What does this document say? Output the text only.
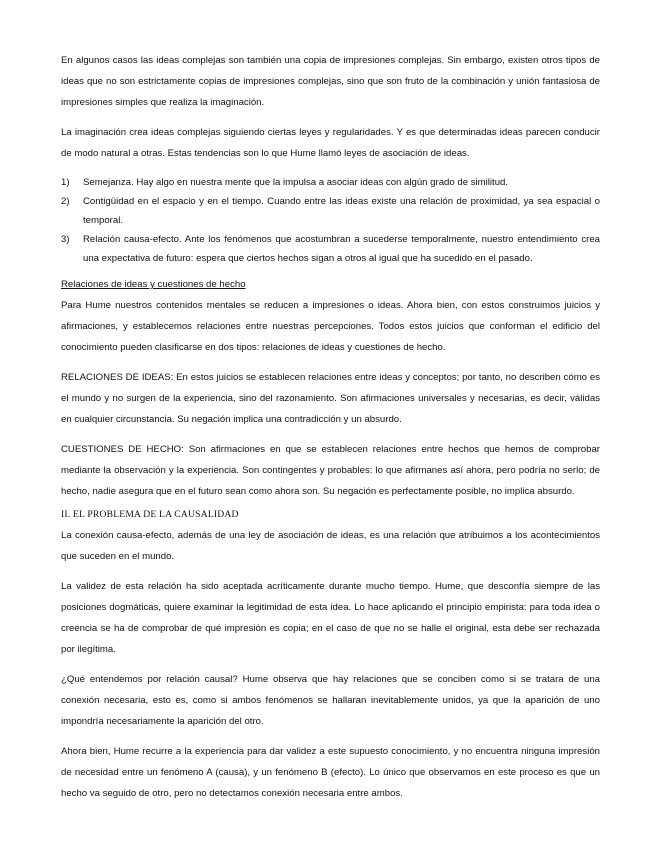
En algunos casos las ideas complejas son también una copia de impresiones complejas. Sin embargo, existen otros tipos de ideas que no son estrictamente copias de impresiones complejas, sino que son fruto de la combinación y unión fantasiosa de impresiones simples que realiza la imaginación.

La imaginación crea ideas complejas siguiendo ciertas leyes y regularidades. Y es que determinadas ideas parecen conducir de modo natural a otras. Estas tendencias son lo que Hume llamó leyes de asociación de ideas.

1) Semejanza. Hay algo en nuestra mente que la impulsa a asociar ideas con algún grado de similitud.
2) Contigüidad en el espacio y en el tiempo. Cuando entre las ideas existe una relación de proximidad, ya sea espacial o temporal.
3) Relación causa-efecto. Ante los fenómenos que acostumbran a sucederse temporalmente, nuestro entendimiento crea una expectativa de futuro: espera que ciertos hechos sigan a otros al igual que ha sucedido en el pasado.

Relaciones de ideas y cuestiones de hecho

Para Hume nuestros contenidos mentales se reducen a impresiones o ideas. Ahora bien, con estos construimos juicios y afirmaciones, y establecemos relaciones entre nuestras percepciones. Todos estos juicios que conforman el edificio del conocimiento pueden clasificarse en dos tipos: relaciones de ideas y cuestiones de hecho.

RELACIONES DE IDEAS: En estos juicios se establecen relaciones entre ideas y conceptos; por tanto, no describen cómo es el mundo y no surgen de la experiencia, sino del razonamiento. Son afirmaciones universales y necesarias, es decir, válidas en cualquier circunstancia. Su negación implica una contradicción y un absurdo.

CUESTIONES DE HECHO: Son afirmaciones en que se establecen relaciones entre hechos que hemos de comprobar mediante la observación y la experiencia. Son contingentes y probables: lo que afirmanes así ahora, pero podría no serlo; de hecho, nadie asegura que en el futuro sean como ahora son. Su negación es perfectamente posible, no implica absurdo.

II. EL PROBLEMA DE LA CAUSALIDAD

La conexión causa-efecto, además de una ley de asociación de ideas, es una relación que atribuimos a los acontecimientos que suceden en el mundo.

La validez de esta relación ha sido aceptada acríticamente durante mucho tiempo. Hume, que desconfía siempre de las posiciones dogmáticas, quiere examinar la legitimidad de esta idea. Lo hace aplicando el principio empirista: para toda idea o creencia se ha de comprobar de qué impresión es copia; en el caso de que no se halle el original, esta debe ser rechazada por ilegítima.

¿Qué entendemos por relación causal? Hume observa que hay relaciones que se conciben como si se tratara de una conexión necesaria, esto es, como si ambos fenómenos se hallaran inevitablemente unidos, ya que la aparición de uno impondría necesariamente la aparición del otro.

Ahora bien, Hume recurre a la experiencia para dar validez a este supuesto conocimiento, y no encuentra ninguna impresión de necesidad entre un fenómeno A (causa), y un fenómeno B (efecto). Lo único que observamos en este proceso es que un hecho va seguido de otro, pero no detectamos conexión necesaria entre ambos.
